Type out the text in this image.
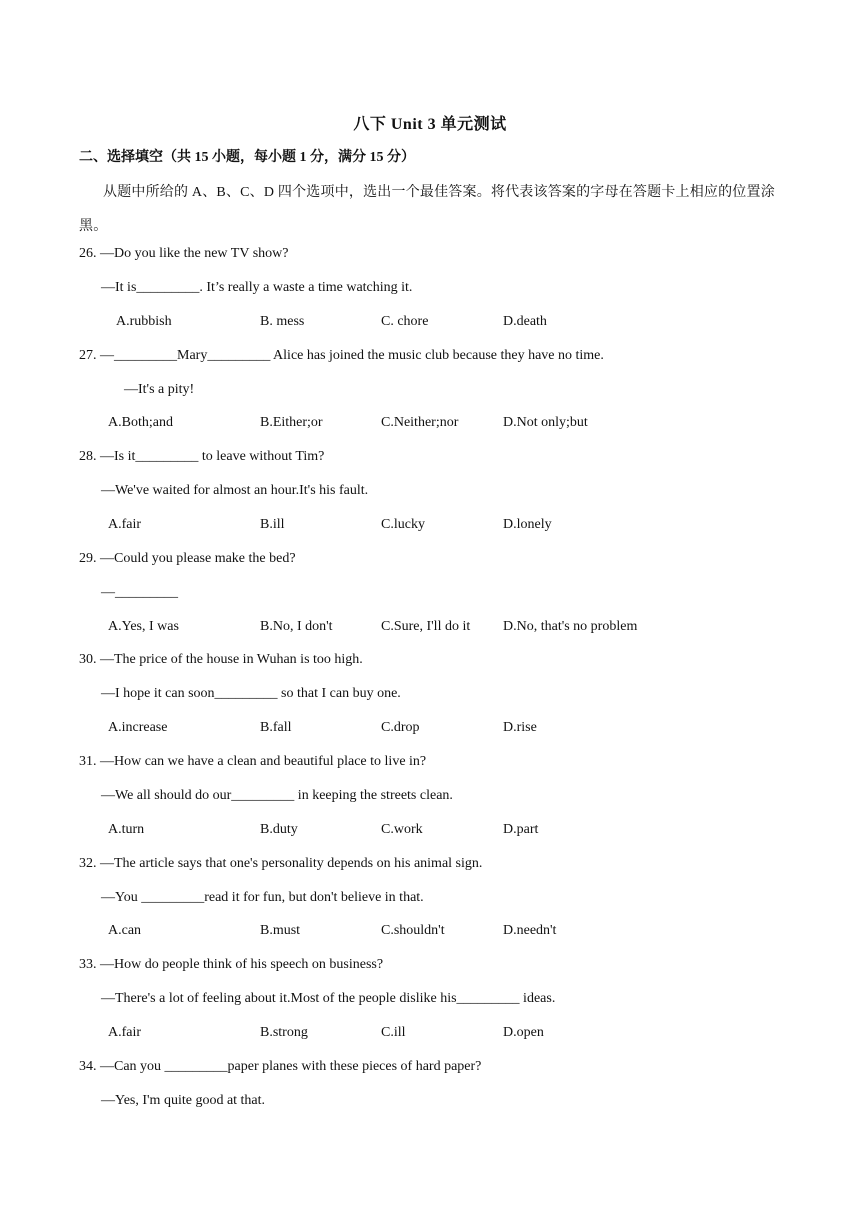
八下 Unit 3 单元测试
二、选择填空（共 15 小题，每小题 1 分，满分 15 分）
从题中所给的 A、B、C、D 四个选项中，选出一个最佳答案。将代表该答案的字母在答题卡上相应的位置涂黑。
26. —Do you like the new TV show?
—It is_________. It’s really a waste a time watching it.
A.rubbish	B. mess	C. chore	D.death
27. —_________Mary_________ Alice has joined the music club because they have no time.
—It's a pity!
A.Both;and	B.Either;or	C.Neither;nor	D.Not only;but
28. —Is it_________ to leave without Tim?
—We've waited for almost an hour.It's his fault.
A.fair	B.ill	C.lucky	D.lonely
29. —Could you please make the bed?
—_________
A.Yes, I was	B.No, I don't	C.Sure, I'll do it D.No, that's no problem
30. —The price of the house in Wuhan is too high.
—I hope it can soon_________ so that I can buy one.
A.increase	B.fall	C.drop	D.rise
31. —How can we have a clean and beautiful place to live in?
—We all should do our_________ in keeping the streets clean.
A.turn	B.duty	C.work	D.part
32. —The article says that one's personality depends on his animal sign.
—You _________read it for fun, but don't believe in that.
A.can	B.must	C.shouldn't	D.needn't
33. —How do people think of his speech on business?
—There's a lot of feeling about it.Most of the people dislike his_________ ideas.
A.fair	B.strong	C.ill	D.open
34. —Can you _________paper planes with these pieces of hard paper?
—Yes, I'm quite good at that.
